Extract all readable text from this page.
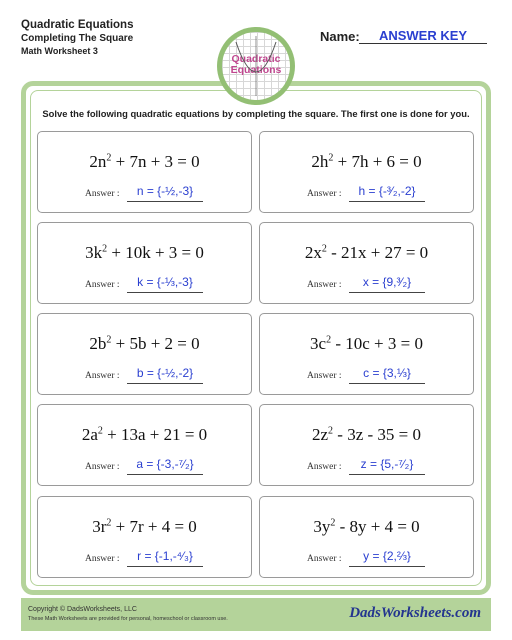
Quadratic Equations
Completing The Square
Math Worksheet 3
Name:	ANSWER KEY
Quadratic
Equations
Solve the following quadratic equations by completing the square. The first one is done for you.
$2n^2 + 7n + 3 = 0$
Answer :	n = {-½,-3}
$2h^2 + 7h + 6 = 0$
Answer :	h = {-³⁄₂,-2}
$3k^2 + 10k + 3 = 0$
Answer :	k = {-⅓,-3}
$2x^2 - 21x + 27 = 0$
Answer :	x = {9,³⁄₂}
$2b^2 + 5b + 2 = 0$
Answer :	b = {-½,-2}
$3c^2 - 10c + 3 = 0$
Answer :	c = {3,⅓}
$2a^2 + 13a + 21 = 0$
Answer :	a = {-3,-⁷⁄₂}
$2z^2 - 3z - 35 = 0$
Answer :	z = {5,-⁷⁄₂}
$3r^2 + 7r + 4 = 0$
Answer :	r = {-1,-⁴⁄₃}
$3y^2 - 8y + 4 = 0$
Answer :	y = {2,⅔}
Copyright © DadsWorksheets, LLC
These Math Worksheets are provided for personal, homeschool or classroom use.	DadsWorksheets.com
